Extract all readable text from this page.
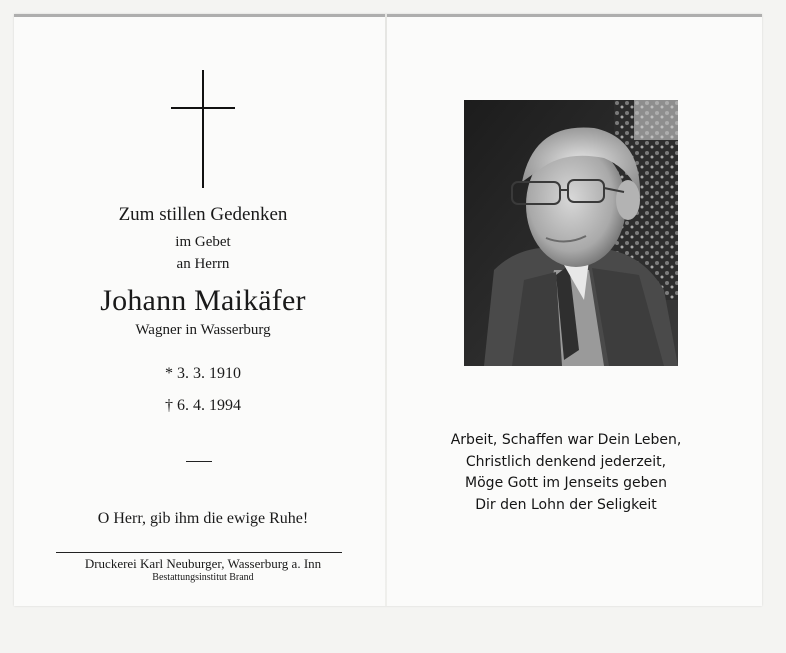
Zum stillen Gedenken
im Gebet
an Herrn
Johann Maikäfer
Wagner in Wasserburg
* 3. 3. 1910
† 6. 4. 1994
O Herr, gib ihm die ewige Ruhe!
Druckerei Karl Neuburger, Wasserburg a. Inn
Bestattungsinstitut Brand
Arbeit, Schaffen war Dein Leben,
Christlich denkend jederzeit,
Möge Gott im Jenseits geben
Dir den Lohn der Seligkeit
